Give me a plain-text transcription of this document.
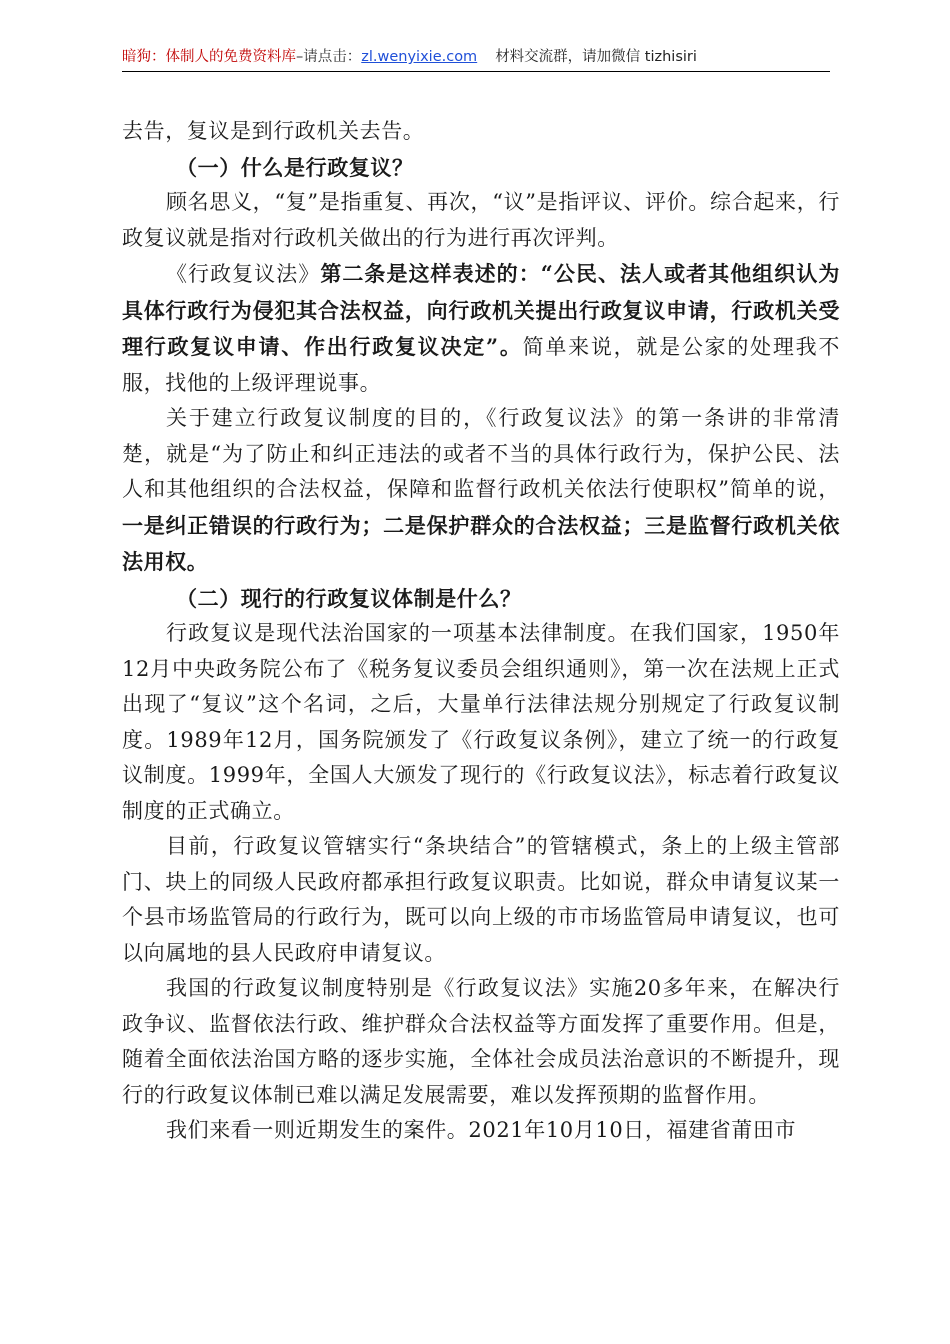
暗狗：体制人的免费资料库–请点击：zl.wenyixie.com 材料交流群，请加微信 tizhisiri

去告，复议是到行政机关去告。

（一）什么是行政复议？

顾名思义，“复”是指重复、再次，“议”是指评议、评价。综合起来，行政复议就是指对行政机关做出的行为进行再次评判。

《行政复议法》第二条是这样表述的：“公民、法人或者其他组织认为具体行政行为侵犯其合法权益，向行政机关提出行政复议申请，行政机关受理行政复议申请、作出行政复议决定”。简单来说，就是公家的处理我不服，找他的上级评理说事。

关于建立行政复议制度的目的，《行政复议法》的第一条讲的非常清楚，就是“为了防止和纠正违法的或者不当的具体行政行为，保护公民、法人和其他组织的合法权益，保障和监督行政机关依法行使职权”简单的说，一是纠正错误的行政行为；二是保护群众的合法权益；三是监督行政机关依法用权。

（二）现行的行政复议体制是什么？

行政复议是现代法治国家的一项基本法律制度。在我们国家，1950年12月中央政务院公布了《税务复议委员会组织通则》，第一次在法规上正式出现了“复议”这个名词，之后，大量单行法律法规分别规定了行政复议制度。1989年12月，国务院颁发了《行政复议条例》，建立了统一的行政复议制度。1999年，全国人大颁发了现行的《行政复议法》，标志着行政复议制度的正式确立。

目前，行政复议管辖实行“条块结合”的管辖模式，条上的上级主管部门、块上的同级人民政府都承担行政复议职责。比如说，群众申请复议某一个县市场监管局的行政行为，既可以向上级的市市场监管局申请复议，也可以向属地的县人民政府申请复议。

我国的行政复议制度特别是《行政复议法》实施20多年来，在解决行政争议、监督依法行政、维护群众合法权益等方面发挥了重要作用。但是，随着全面依法治国方略的逐步实施，全体社会成员法治意识的不断提升，现行的行政复议体制已难以满足发展需要，难以发挥预期的监督作用。

我们来看一则近期发生的案件。2021年10月10日，福建省莆田市
